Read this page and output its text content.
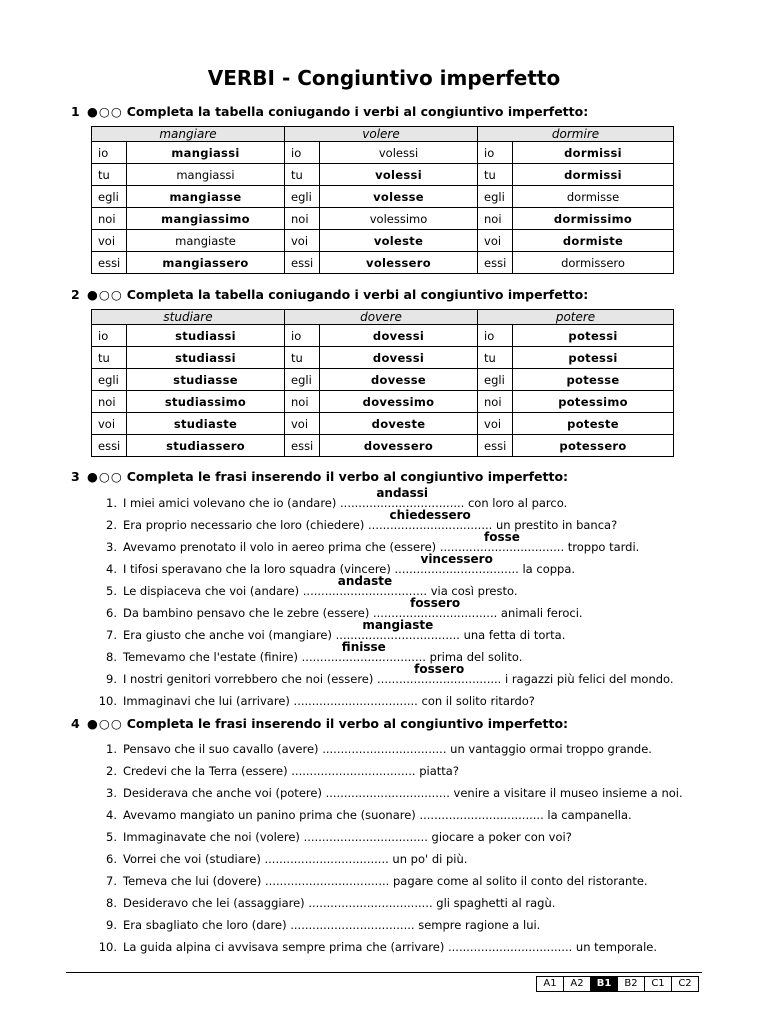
VERBI - Congiuntivo imperfetto
1 ●○○ Completa la tabella coniugando i verbi al congiuntivo imperfetto:
mangiare		volere		dormire	
io	mangiassi	io	volessi	io	dormissi
tu	mangiassi	tu	volessi	tu	dormissi
egli	mangiasse	egli	volesse	egli	dormisse
noi	mangiassimo	noi	volessimo	noi	dormissimo
voi	mangiaste	voi	voleste	voi	dormiste
essi	mangiassero	essi	volessero	essi	dormissero
2 ●○○ Completa la tabella coniugando i verbi al congiuntivo imperfetto:
studiare		dovere		potere	
io	studiassi	io	dovessi	io	potessi
tu	studiassi	tu	dovessi	tu	potessi
egli	studiasse	egli	dovesse	egli	potesse
noi	studiassimo	noi	dovessimo	noi	potessimo
voi	studiaste	voi	doveste	voi	poteste
essi	studiassero	essi	dovessero	essi	potessero
3 ●○○ Completa le frasi inserendo il verbo al congiuntivo imperfetto:
1. I miei amici volevano che io (andare) ..................................
andassi
con loro al parco.
2. Era proprio necessario che loro (chiedere) ..................................
chiedessero
un prestito in banca?
3. Avevamo prenotato il volo in aereo prima che (essere) ..................................
fosse
troppo tardi.
4. I tifosi speravano che la loro squadra (vincere) ..................................
vincessero
la coppa.
5. Le dispiaceva che voi (andare) ..................................
andaste
via così presto.
6. Da bambino pensavo che le zebre (essere) ..................................
fossero
animali feroci.
7. Era giusto che anche voi (mangiare) ..................................
mangiaste
una fetta di torta.
8. Temevamo che l'estate (finire) ..................................
finisse
prima del solito.
9. I nostri genitori vorrebbero che noi (essere) ..................................
fossero
i ragazzi più felici del mondo.
10. Immaginavi che lui (arrivare) ..................................
con il solito ritardo?
4 ●○○ Completa le frasi inserendo il verbo al congiuntivo imperfetto:
1. Pensavo che il suo cavallo (avere) ..................................
un vantaggio ormai troppo grande.
2. Credevi che la Terra (essere) ..................................
piatta?
3. Desiderava che anche voi (potere) ..................................
venire a visitare il museo insieme a noi.
4. Avevamo mangiato un panino prima che (suonare) ..................................
la campanella.
5. Immaginavate che noi (volere) ..................................
giocare a poker con voi?
6. Vorrei che voi (studiare) ..................................
un po' di più.
7. Temeva che lui (dovere) ..................................
pagare come al solito il conto del ristorante.
8. Desideravo che lei (assaggiare) ..................................
gli spaghetti al ragù.
9. Era sbagliato che loro (dare) ..................................
sempre ragione a lui.
10. La guida alpina ci avvisava sempre prima che (arrivare) ..................................
un temporale.
A1	A2	B1	B2	C1	C2
